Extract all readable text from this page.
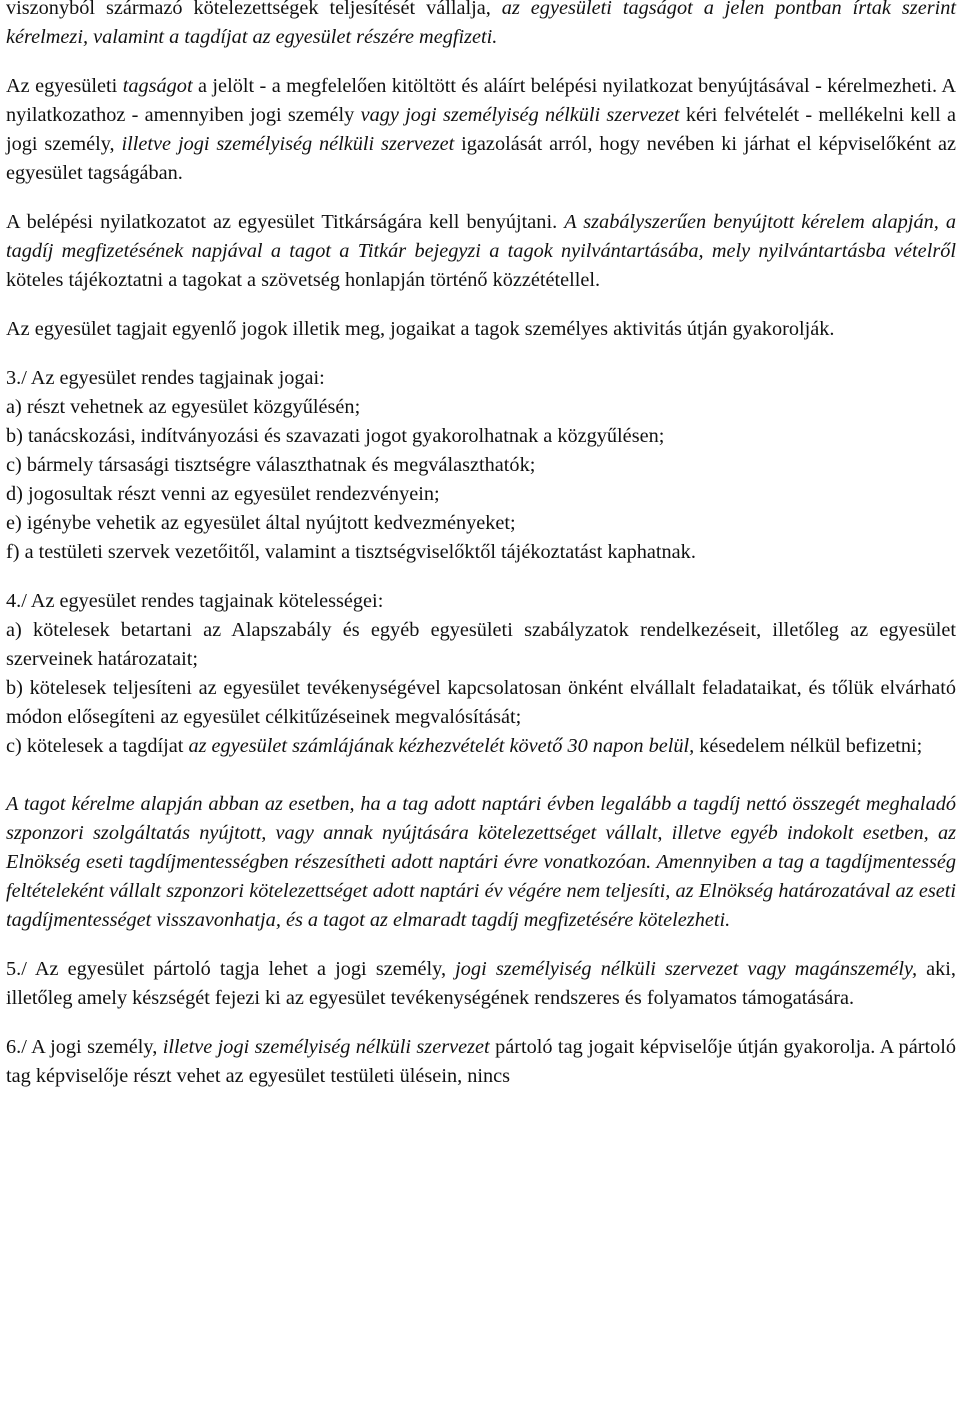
viszonyból származó kötelezettségek teljesítését vállalja, az egyesületi tagságot a jelen pontban írtak szerint kérelmezi, valamint a tagdíjat az egyesület részére megfizeti.

Az egyesületi tagságot a jelölt - a megfelelően kitöltött és aláírt belépési nyilatkozat benyújtásával - kérelmezheti. A nyilatkozathoz - amennyiben jogi személy vagy jogi személyiség nélküli szervezet kéri felvételét - mellékelni kell a jogi személy, illetve jogi személyiség nélküli szervezet igazolását arról, hogy nevében ki járhat el képviselőként az egyesület tagságában.

A belépési nyilatkozatot az egyesület Titkárságára kell benyújtani. A szabályszerűen benyújtott kérelem alapján, a tagdíj megfizetésének napjával a tagot a Titkár bejegyzi a tagok nyilvántartásába, mely nyilvántartásba vételről köteles tájékoztatni a tagokat a szövetség honlapján történő közzététellel.

Az egyesület tagjait egyenlő jogok illetik meg, jogaikat a tagok személyes aktivitás útján gyakorolják.

3./ Az egyesület rendes tagjainak jogai:

a) részt vehetnek az egyesület közgyűlésén;
b) tanácskozási, indítványozási és szavazati jogot gyakorolhatnak a közgyűlésen;
c) bármely társasági tisztségre választhatnak és megválaszthatók;
d) jogosultak részt venni az egyesület rendezvényein;
e) igénybe vehetik az egyesület által nyújtott kedvezményeket;
f) a testületi szervek vezetőitől, valamint a tisztségviselőktől tájékoztatást kaphatnak.

4./ Az egyesület rendes tagjainak kötelességei:

a) kötelesek betartani az Alapszabály és egyéb egyesületi szabályzatok rendelkezéseit, illetőleg az egyesület szerveinek határozatait;

b) kötelesek teljesíteni az egyesület tevékenységével kapcsolatosan önként elvállalt feladataikat, és tőlük elvárható módon elősegíteni az egyesület célkitűzéseinek megvalósítását;

c) kötelesek a tagdíjat az egyesület számlájának kézhezvételét követő 30 napon belül, késedelem nélkül befizetni;

A tagot kérelme alapján abban az esetben, ha a tag adott naptári évben legalább a tagdíj nettó összegét meghaladó szponzori szolgáltatás nyújtott, vagy annak nyújtására kötelezettséget vállalt, illetve egyéb indokolt esetben, az Elnökség eseti tagdíjmentességben részesítheti adott naptári évre vonatkozóan. Amennyiben a tag a tagdíjmentesség feltételeként vállalt szponzori kötelezettséget adott naptári év végére nem teljesíti, az Elnökség határozatával az eseti tagdíjmentességet visszavonhatja, és a tagot az elmaradt tagdíj megfizetésére kötelezheti.

5./ Az egyesület pártoló tagja lehet a jogi személy, jogi személyiség nélküli szervezet vagy magánszemély, aki, illetőleg amely készségét fejezi ki az egyesület tevékenységének rendszeres és folyamatos támogatására.

6./ A jogi személy, illetve jogi személyiség nélküli szervezet pártoló tag jogait képviselője útján gyakorolja. A pártoló tag képviselője részt vehet az egyesület testületi ülésein, nincs
